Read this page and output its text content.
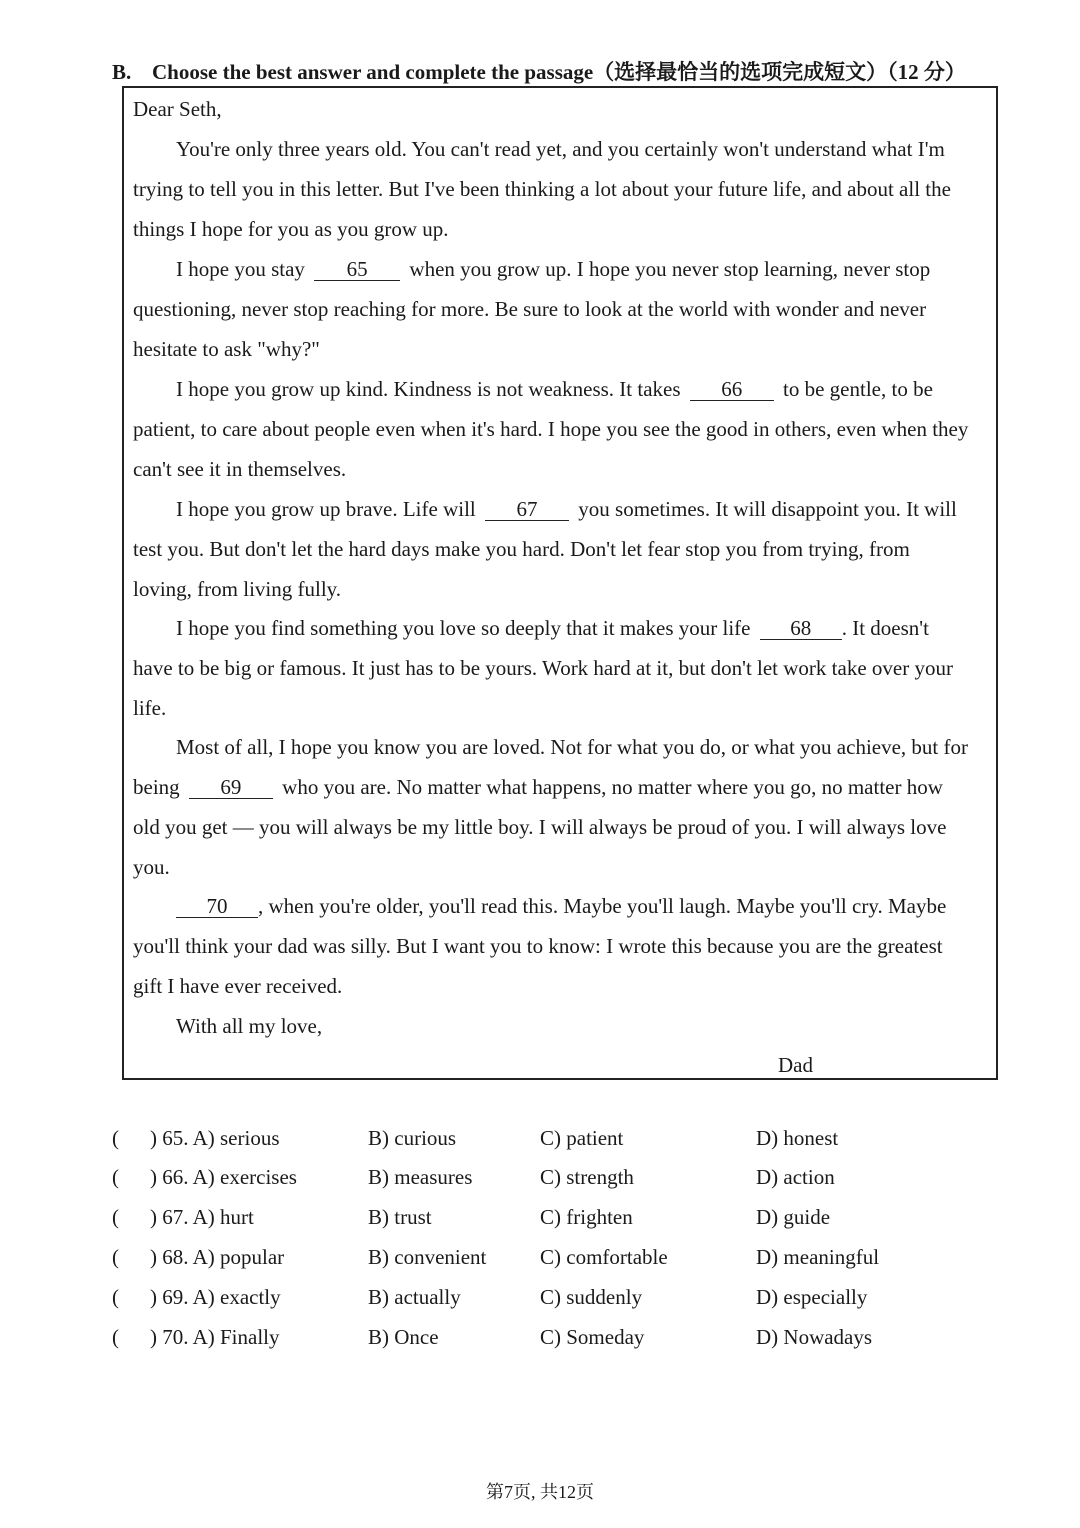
B. Choose the best answer and complete the passage（选择最恰当的选项完成短文）（12 分）
Dear Seth,
You're only three years old. You can't read yet, and you certainly won't understand what I'm
trying to tell you in this letter. But I've been thinking a lot about your future life, and about all the
things I hope for you as you grow up.
I hope you stay 65 when you grow up. I hope you never stop learning, never stop
questioning, never stop reaching for more. Be sure to look at the world with wonder and never
hesitate to ask "why?"
I hope you grow up kind. Kindness is not weakness. It takes 66 to be gentle, to be
patient, to care about people even when it's hard. I hope you see the good in others, even when they
can't see it in themselves.
I hope you grow up brave. Life will 67 you sometimes. It will disappoint you. It will
test you. But don't let the hard days make you hard. Don't let fear stop you from trying, from
loving, from living fully.
I hope you find something you love so deeply that it makes your life 68 . It doesn't
have to be big or famous. It just has to be yours. Work hard at it, but don't let work take over your
life.
Most of all, I hope you know you are loved. Not for what you do, or what you achieve, but for
being 69 who you are. No matter what happens, no matter where you go, no matter how
old you get — you will always be my little boy. I will always be proud of you. I will always love
you.
70 , when you're older, you'll read this. Maybe you'll laugh. Maybe you'll cry. Maybe
you'll think your dad was silly. But I want you to know: I wrote this because you are the greatest
gift I have ever received.
With all my love,
Dad
( ) 65. A) serious	B) curious	C) patient	D) honest
( ) 66. A) exercises	B) measures	C) strength	D) action
( ) 67. A) hurt	B) trust	C) frighten	D) guide
( ) 68. A) popular	B) convenient	C) comfortable	D) meaningful
( ) 69. A) exactly	B) actually	C) suddenly	D) especially
( ) 70. A) Finally	B) Once	C) Someday	D) Nowadays
第7页, 共12页
